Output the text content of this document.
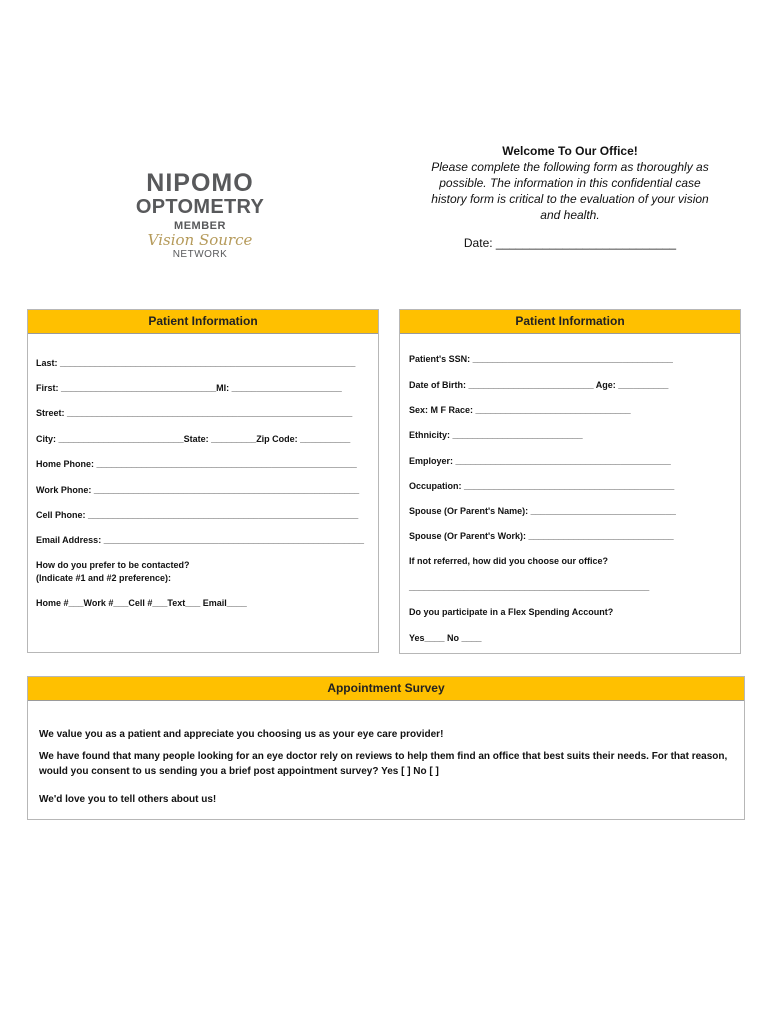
NIPOMO
OPTOMETRY
MEMBER
Vision Source
NETWORK
Welcome To Our Office!
Please complete the following form as thoroughly as possible. The information in this confidential case history form is critical to the evaluation of your vision and health.
Date: ___________________________
Patient Information
Last: ___________________________________________________________
First: _______________________________MI: ______________________
Street: _________________________________________________________
City: _________________________State: _________Zip Code: __________
Home Phone: ____________________________________________________
Work Phone: _____________________________________________________
Cell Phone: ______________________________________________________
Email Address: ____________________________________________________
How do you prefer to be contacted?
(Indicate #1 and #2 preference):
Home #___Work #___Cell #___Text___ Email____
Patient Information
Patient's SSN: ________________________________________
Date of Birth: _________________________ Age: __________
Sex: M F Race: _______________________________
Ethnicity: __________________________
Employer: ___________________________________________
Occupation: __________________________________________
Spouse (Or Parent's Name): _____________________________
Spouse (Or Parent's Work): _____________________________
If not referred, how did you choose our office?
________________________________________________
Do you participate in a Flex Spending Account?
Yes____ No ____
Appointment Survey

We value you as a patient and appreciate you choosing us as your eye care provider!

We have found that many people looking for an eye doctor rely on reviews to help them find an office that best suits their needs. For that reason, would you consent to us sending you a brief post appointment survey? Yes [ ] No [ ]

We'd love you to tell others about us!
